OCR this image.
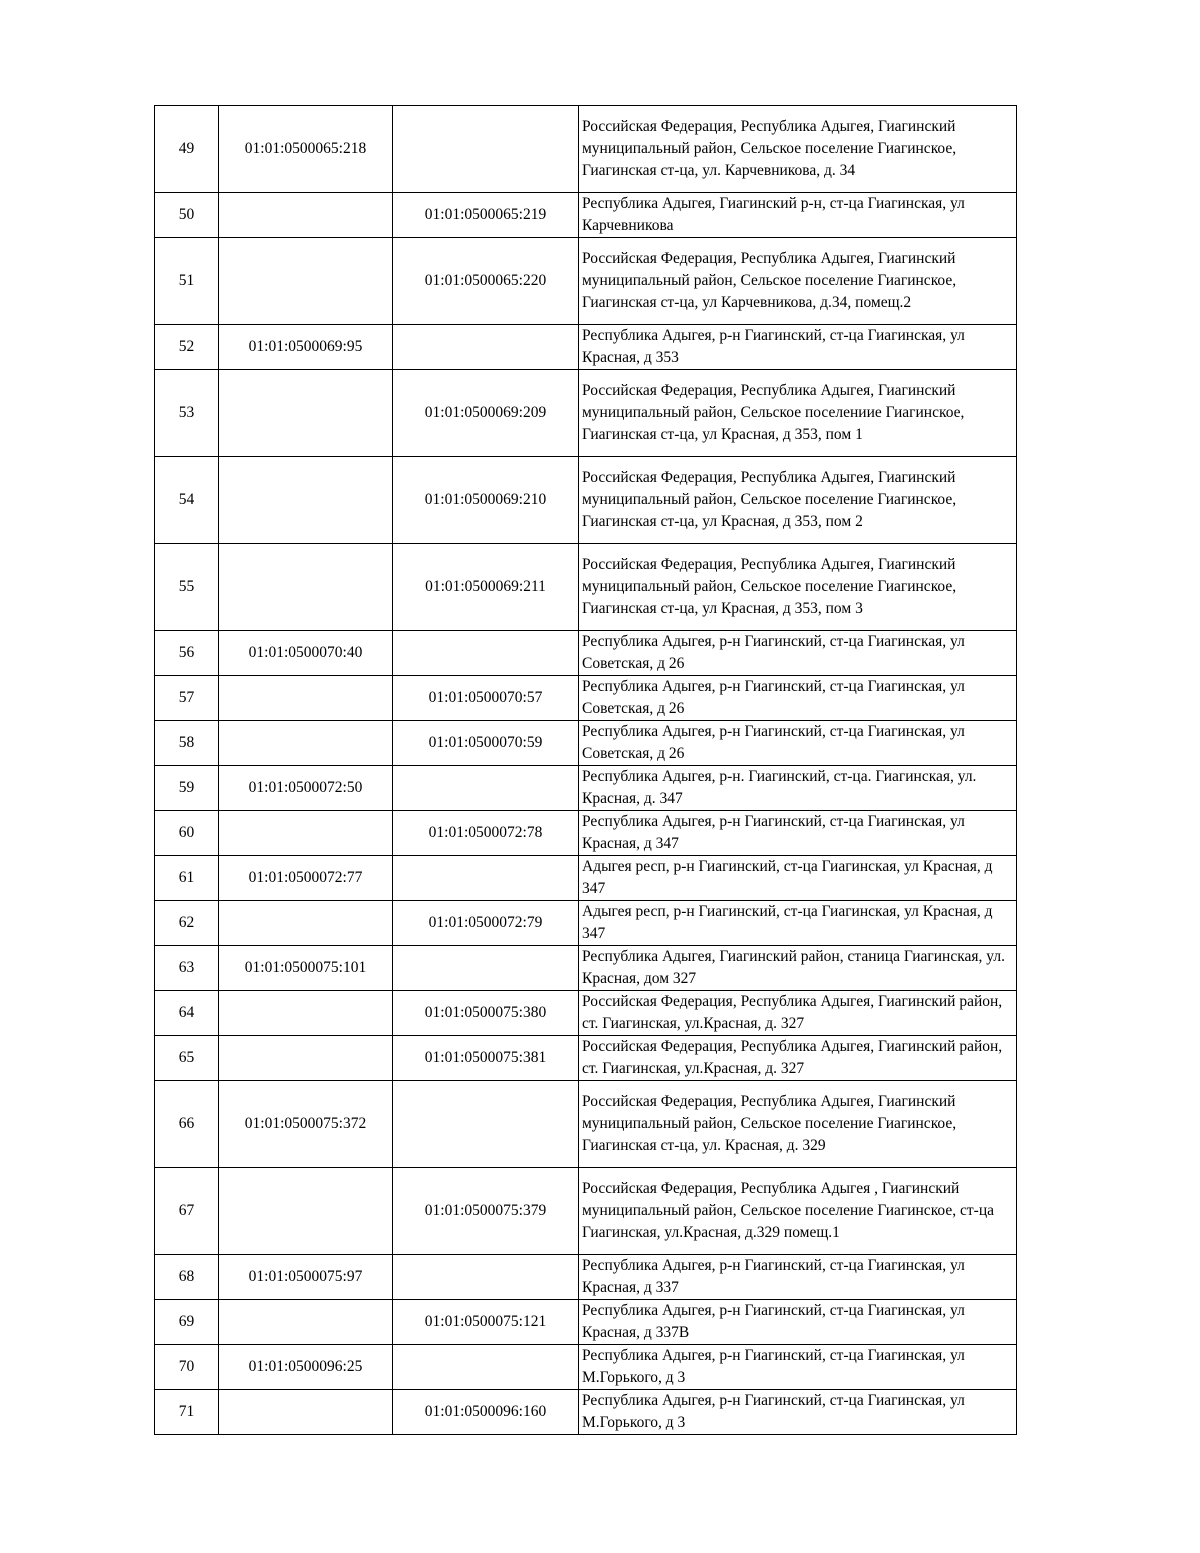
49	01:01:0500065:218		Российская Федерация, Республика Адыгея, Гиагинский муниципальный район, Сельское поселение Гиагинское, Гиагинская ст-ца, ул. Карчевникова, д. 34
50		01:01:0500065:219	Республика Адыгея, Гиагинский р-н, ст-ца Гиагинская, ул Карчевникова
51		01:01:0500065:220	Российская Федерация, Республика Адыгея, Гиагинский муниципальный район, Сельское поселение Гиагинское, Гиагинская ст-ца, ул Карчевникова, д.34, помещ.2
52	01:01:0500069:95		Республика Адыгея, р-н Гиагинский, ст-ца Гиагинская, ул Красная, д 353
53		01:01:0500069:209	Российская Федерация, Республика Адыгея, Гиагинский муниципальный район, Сельское поселениие Гиагинское, Гиагинская ст-ца, ул Красная, д 353, пом 1
54		01:01:0500069:210	Российская Федерация, Республика Адыгея, Гиагинский муниципальный район, Сельское поселение Гиагинское, Гиагинская ст-ца, ул Красная, д 353, пом 2
55		01:01:0500069:211	Российская Федерация, Республика Адыгея, Гиагинский муниципальный район, Сельское поселение Гиагинское, Гиагинская ст-ца, ул Красная, д 353, пом 3
56	01:01:0500070:40		Республика Адыгея, р-н Гиагинский, ст-ца Гиагинская, ул Советская, д 26
57		01:01:0500070:57	Республика Адыгея, р-н Гиагинский, ст-ца Гиагинская, ул Советская, д 26
58		01:01:0500070:59	Республика Адыгея, р-н Гиагинский, ст-ца Гиагинская, ул Советская, д 26
59	01:01:0500072:50		Республика Адыгея, р-н. Гиагинский, ст-ца. Гиагинская, ул. Красная, д. 347
60		01:01:0500072:78	Республика Адыгея, р-н Гиагинский, ст-ца Гиагинская, ул Красная, д 347
61	01:01:0500072:77		Адыгея респ, р-н Гиагинский, ст-ца Гиагинская, ул Красная, д 347
62		01:01:0500072:79	Адыгея респ, р-н Гиагинский, ст-ца Гиагинская, ул Красная, д 347
63	01:01:0500075:101		Республика Адыгея, Гиагинский район, станица Гиагинская, ул. Красная, дом 327
64		01:01:0500075:380	Российская Федерация, Республика Адыгея, Гиагинский район, ст. Гиагинская, ул.Красная, д. 327
65		01:01:0500075:381	Российская Федерация, Республика Адыгея, Гиагинский район, ст. Гиагинская, ул.Красная, д. 327
66	01:01:0500075:372		Российская Федерация, Республика Адыгея, Гиагинский муниципальный район, Сельское поселение Гиагинское, Гиагинская ст-ца, ул. Красная, д. 329
67		01:01:0500075:379	Российская Федерация, Республика Адыгея , Гиагинский муниципальный район, Сельское поселение Гиагинское, ст-ца Гиагинская, ул.Красная, д.329 помещ.1
68	01:01:0500075:97		Республика Адыгея, р-н Гиагинский, ст-ца Гиагинская, ул Красная, д 337
69		01:01:0500075:121	Республика Адыгея, р-н Гиагинский, ст-ца Гиагинская, ул Красная, д 337В
70	01:01:0500096:25		Республика Адыгея, р-н Гиагинский, ст-ца Гиагинская, ул М.Горького, д 3
71		01:01:0500096:160	Республика Адыгея, р-н Гиагинский, ст-ца Гиагинская, ул М.Горького, д 3
